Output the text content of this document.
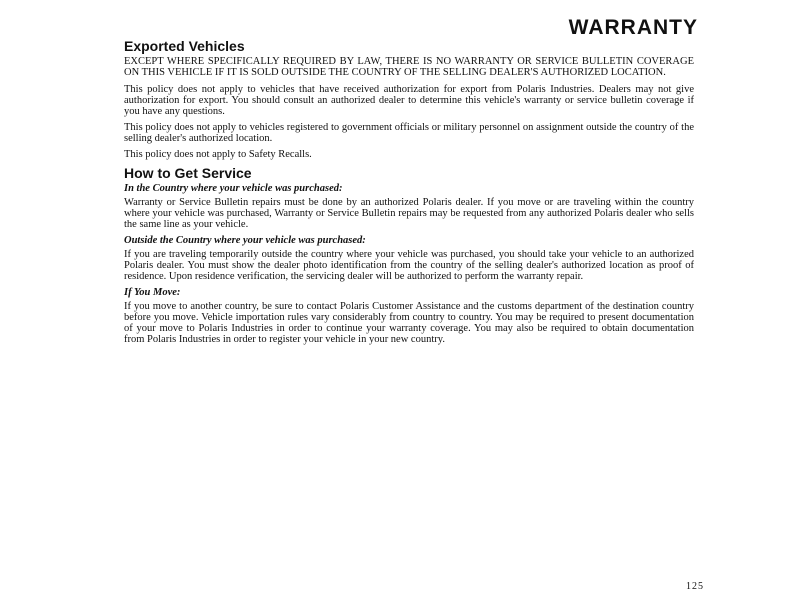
WARRANTY
Exported Vehicles

EXCEPT WHERE SPECIFICALLY REQUIRED BY LAW, THERE IS NO WARRANTY OR SERVICE BULLETIN COVERAGE ON THIS VEHICLE IF IT IS SOLD OUTSIDE THE COUNTRY OF THE SELLING DEALER'S AUTHORIZED LOCATION.

This policy does not apply to vehicles that have received authorization for export from Polaris Industries. Dealers may not give authorization for export. You should consult an authorized dealer to determine this vehicle's warranty or service bulletin coverage if you have any questions.

This policy does not apply to vehicles registered to government officials or military personnel on assignment outside the country of the selling dealer's authorized location.

This policy does not apply to Safety Recalls.

How to Get Service

In the Country where your vehicle was purchased:

Warranty or Service Bulletin repairs must be done by an authorized Polaris dealer. If you move or are traveling within the country where your vehicle was purchased, Warranty or Service Bulletin repairs may be requested from any authorized Polaris dealer who sells the same line as your vehicle.

Outside the Country where your vehicle was purchased:

If you are traveling temporarily outside the country where your vehicle was purchased, you should take your vehicle to an authorized Polaris dealer. You must show the dealer photo identification from the country of the selling dealer's authorized location as proof of residence. Upon residence verification, the servicing dealer will be authorized to perform the warranty repair.

If You Move:

If you move to another country, be sure to contact Polaris Customer Assistance and the customs department of the destination country before you move. Vehicle importation rules vary considerably from country to country. You may be required to present documentation of your move to Polaris Industries in order to continue your warranty coverage. You may also be required to obtain documentation from Polaris Industries in order to register your vehicle in your new country.

125
